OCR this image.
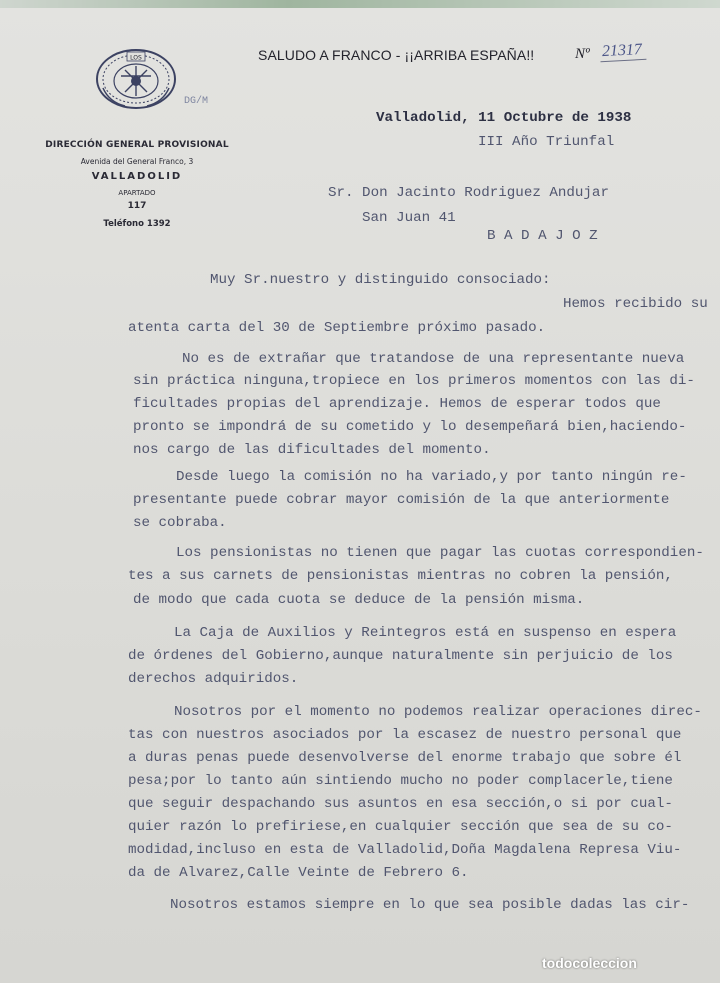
LOS
DG/M
DIRECCIÓN GENERAL PROVISIONAL
Avenida del General Franco, 3
VALLADOLID
APARTADO
117
Teléfono 1392
SALUDO A FRANCO - ¡¡ARRIBA ESPAÑA!!	Nº 21317
Valladolid, 11 Octubre de 1938
III Año Triunfal
Sr. Don Jacinto Rodriguez Andujar
San Juan 41
B A D A J O Z
Muy Sr.nuestro y distinguido consociado:
Hemos recibido su
atenta carta del 30 de Septiembre próximo pasado.
No es de extrañar que tratandose de una representante nueva
sin práctica ninguna,tropiece en los primeros momentos con las di-
ficultades propias del aprendizaje. Hemos de esperar todos que
pronto se impondrá de su cometido y lo desempeñará bien,haciendo-
nos cargo de las dificultades del momento.
Desde luego la comisión no ha variado,y por tanto ningún re-
presentante puede cobrar mayor comisión de la que anteriormente
se cobraba.
Los pensionistas no tienen que pagar las cuotas correspondien-
tes a sus carnets de pensionistas mientras no cobren la pensión,
de modo que cada cuota se deduce de la pensión misma.
La Caja de Auxilios y Reintegros está en suspenso en espera
de órdenes del Gobierno,aunque naturalmente sin perjuicio de los
derechos adquiridos.
Nosotros por el momento no podemos realizar operaciones direc-
tas con nuestros asociados por la escasez de nuestro personal que
a duras penas puede desenvolverse del enorme trabajo que sobre él
pesa;por lo tanto aún sintiendo mucho no poder complacerle,tiene
que seguir despachando sus asuntos en esa sección,o si por cual-
quier razón lo prefiriese,en cualquier sección que sea de su co-
modidad,incluso en esta de Valladolid,Doña Magdalena Represa Viu-
da de Alvarez,Calle Veinte de Febrero 6.
Nosotros estamos siempre en lo que sea posible dadas las cir-
todocoleccion
